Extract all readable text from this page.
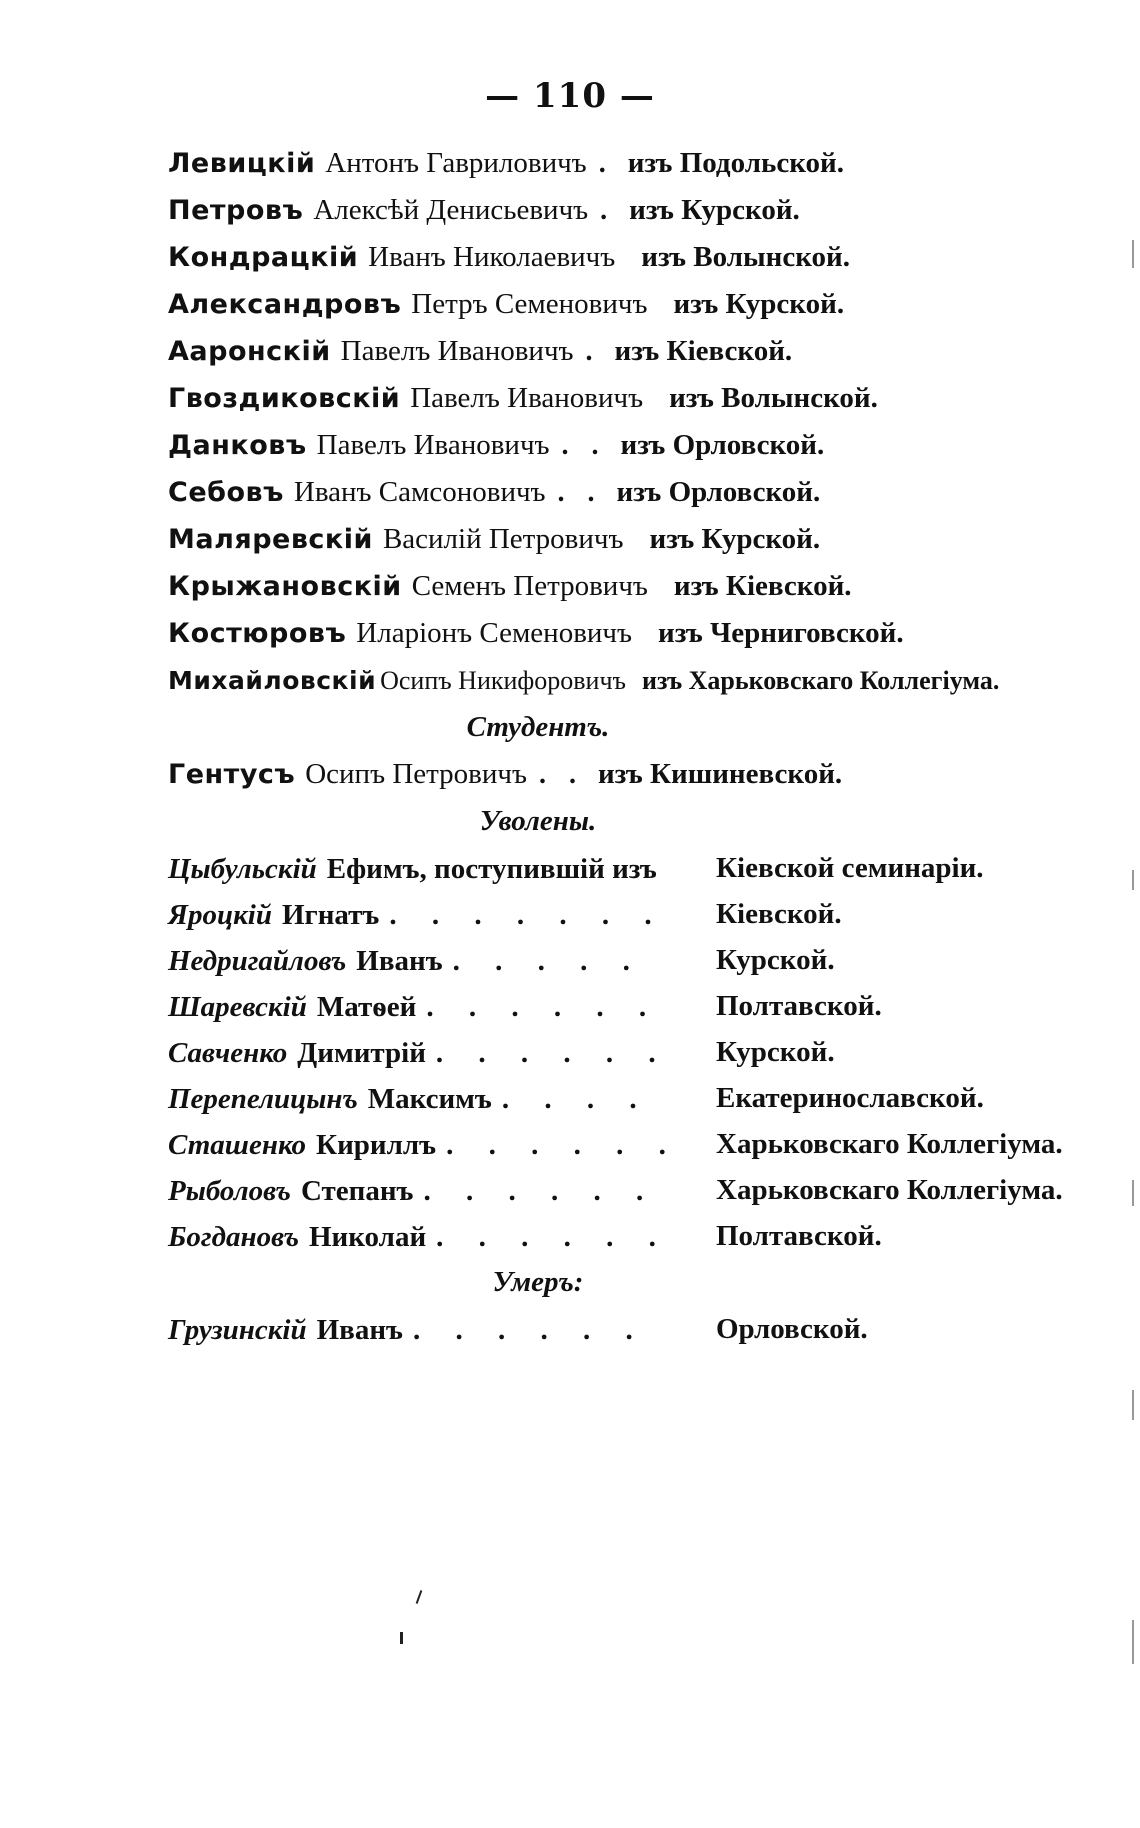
— 110 —
Левицкій Антонъ Гавриловичъ . изъ Подольской.
Петровъ Алексѣй Денисьевичъ . изъ Курской.
Кондрацкій Иванъ Николаевичъ изъ Волынской.
Александровъ Петръ Семеновичъ изъ Курской.
Ааронскій Павелъ Ивановичъ . изъ Кіевской.
Гвоздиковскій Павелъ Ивановичъ изъ Волынской.
Данковъ Павелъ Ивановичъ . . изъ Орловской.
Себовъ Иванъ Самсоновичъ . . изъ Орловской.
Маляревскій Василій Петровичъ изъ Курской.
Крыжановскій Семенъ Петровичъ изъ Кіевской.
Костюровъ Иларіонъ Семеновичъ изъ Черниговской.
Михайловскій Осипъ Никифоровичъ изъ Харьковскаго Коллегіума.
Студентъ.
Гентусъ Осипъ Петровичъ . . изъ Кишиневской.
Уволены.
Цыбульскій Ефимъ, поступившій изъ Кіевской семинаріи.
Яроцкій Игнатъ . . . . . . . Кіевской.
Недригайловъ Иванъ . . . . . Курской.
Шаревскій Матѳей . . . . . . Полтавской.
Савченко Димитрій . . . . . . Курской.
Перепелицынъ Максимъ . . . . Екатеринославской.
Сташенко Кириллъ . . . . . . Харьковскаго Коллегіума.
Рыболовъ Степанъ . . . . . . Харьковскаго Коллегіума.
Богдановъ Николай . . . . . . Полтавской.
Умеръ:
Грузинскій Иванъ . . . . . . Орловской.
